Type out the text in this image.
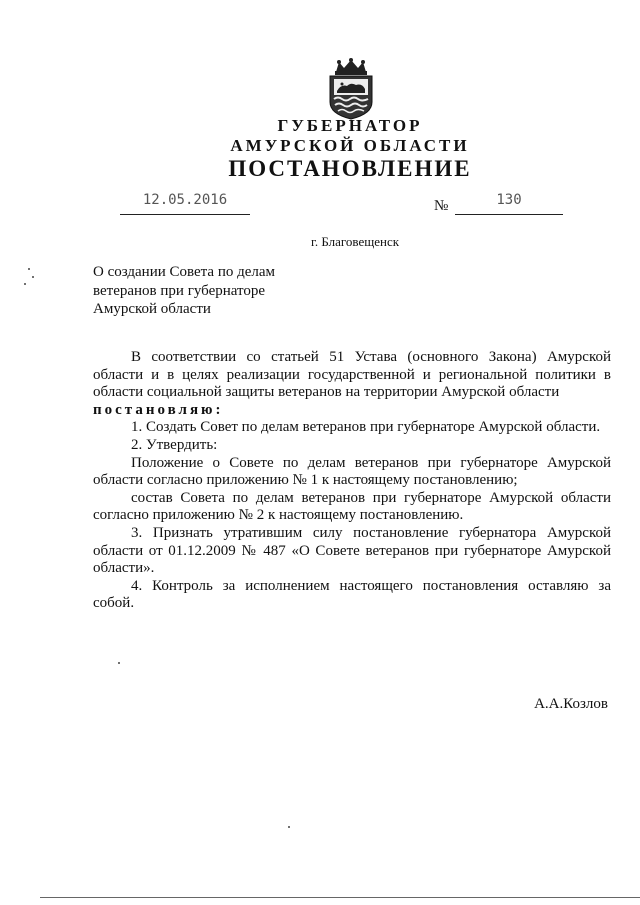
ГУБЕРНАТОР
АМУРСКОЙ ОБЛАСТИ
ПОСТАНОВЛЕНИЕ
12.05.2016	№	130
г. Благовещенск
О создании Совета по делам
ветеранов при губернаторе
Амурской области

В соответствии со статьей 51 Устава (основного Закона) Амурской области и в целях реализации государственной и региональной политики в области социальной защиты ветеранов на территории Амурской области

постановляю:

1. Создать Совет по делам ветеранов при губернаторе Амурской области.

2. Утвердить:

Положение о Совете по делам ветеранов при губернаторе Амурской области согласно приложению № 1 к настоящему постановлению;

состав Совета по делам ветеранов при губернаторе Амурской области согласно приложению № 2 к настоящему постановлению.

3. Признать утратившим силу постановление губернатора Амурской области от 01.12.2009 № 487 «О Совете ветеранов при губернаторе Амурской области».

4. Контроль за исполнением настоящего постановления оставляю за собой.

А.А.Козлов
